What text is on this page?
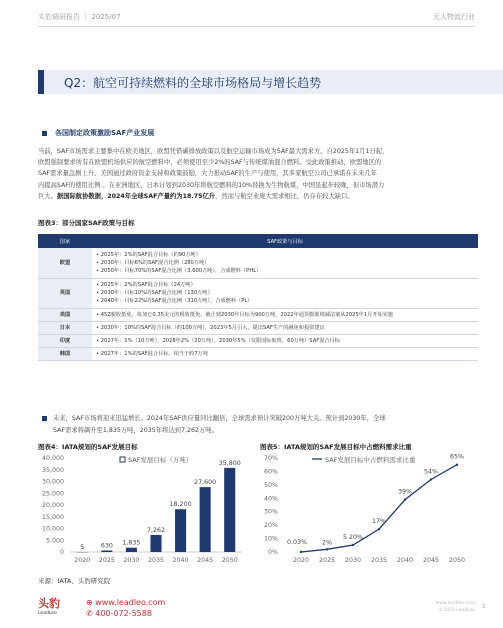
头豹调研报告 ｜ 2025/07	无人物流行业
Q2：航空可持续燃料的全球市场格局与增长趋势
各国制定政策激励SAF产业发展
当前，SAF市场需求主要集中在欧美地区，欧盟凭借碳排放政策以及航空运输市场成为SAF最大需求方。自2025年1月1日起，
欧盟强制要求所有在欧盟机场供应的航空燃料中，必须使用至少2%的SAF与传统煤油混合燃料。受此政策推动，欧盟地区的
SAF需求量急剧上升。美国通过政府资金支持和政策鼓励，大力推动SAF的生产与使用，其多家航空公司已承诺在未来几年
内提高SAF的使用比例 。在亚洲地区，日本计划到2030年将航空燃料的10%替换为生物航煤，中国虽起步较晚，但市场潜力
巨大。据国际航协数据，2024年全球SAF产量约为18.75亿升，然而与航空业庞大需求相比，仍存在较大缺口。
图表3：部分国家SAF政策与目标
国家	SAF政策与目标
欧盟	• 2025年：2%的SAF混合目标（约90万吨）
• 2030年：目标6%的SAF混合比例（280万吨）
• 2050年：目标70%的SAF混合比例（3,600万吨），合成燃料（PHL）

英国	• 2025年：2%的SAF混合目标（24万吨）
• 2030年：目标10%的SAF混合比例（130万吨）
• 2040年：目标22%的SAF混合比例（310万吨），合成燃料（PL）

美国	• 45Z税收抵免，每加仑0.35美元的税收抵免，截止到2030年目标为900万吨，2022年通货膨胀削减法案从2025年1月开始实施

日本	• 2030年：10%的SAF混合目标（约100万吨），2023年5月引入，提出SAF生产的融免和投资建议

印度	• 2027年：1%（10万吨），2028年2%（20万吨），2030年5%（仅限国际航班，60万吨）SAF混合目标

韩国	• 2027年：1%的SAF混合目标，相当于约7万吨
未来，SAF市场将迎来迅猛增长。2024年SAF供应量同比翻倍，全球需求预计突破200万吨大关。预计到2030年，全球
SAF需求将飙升至1,835万吨，2035年将达到7,262万吨。
图表4：IATA规划的SAF发展目标	图表5：IATA规划的SAF发展目标中占燃料需求比重
0
5,000
10,000
15,000
20,000
25,000
30,000
35,000
40,000
5
2020
630
2025
1,835
2030
7,262
2035
18,200
2040
27,600
2045
35,800
2050
SAF发展目标（万吨）
0%
10%
20%
30%
40%
50%
60%
70%
0.03% 2%
5.20%
17%
39%
54%
65%
2020 2025 2030 2035 2040 2045 2050
SAF发展目标中占燃料需求比重
来源：IATA、头豹研究院
头豹
LeadLeo
⊕ www.leadleo.com
✆ 400-072-5588
www.leadleo.com
©2025 LeadLeo
3
